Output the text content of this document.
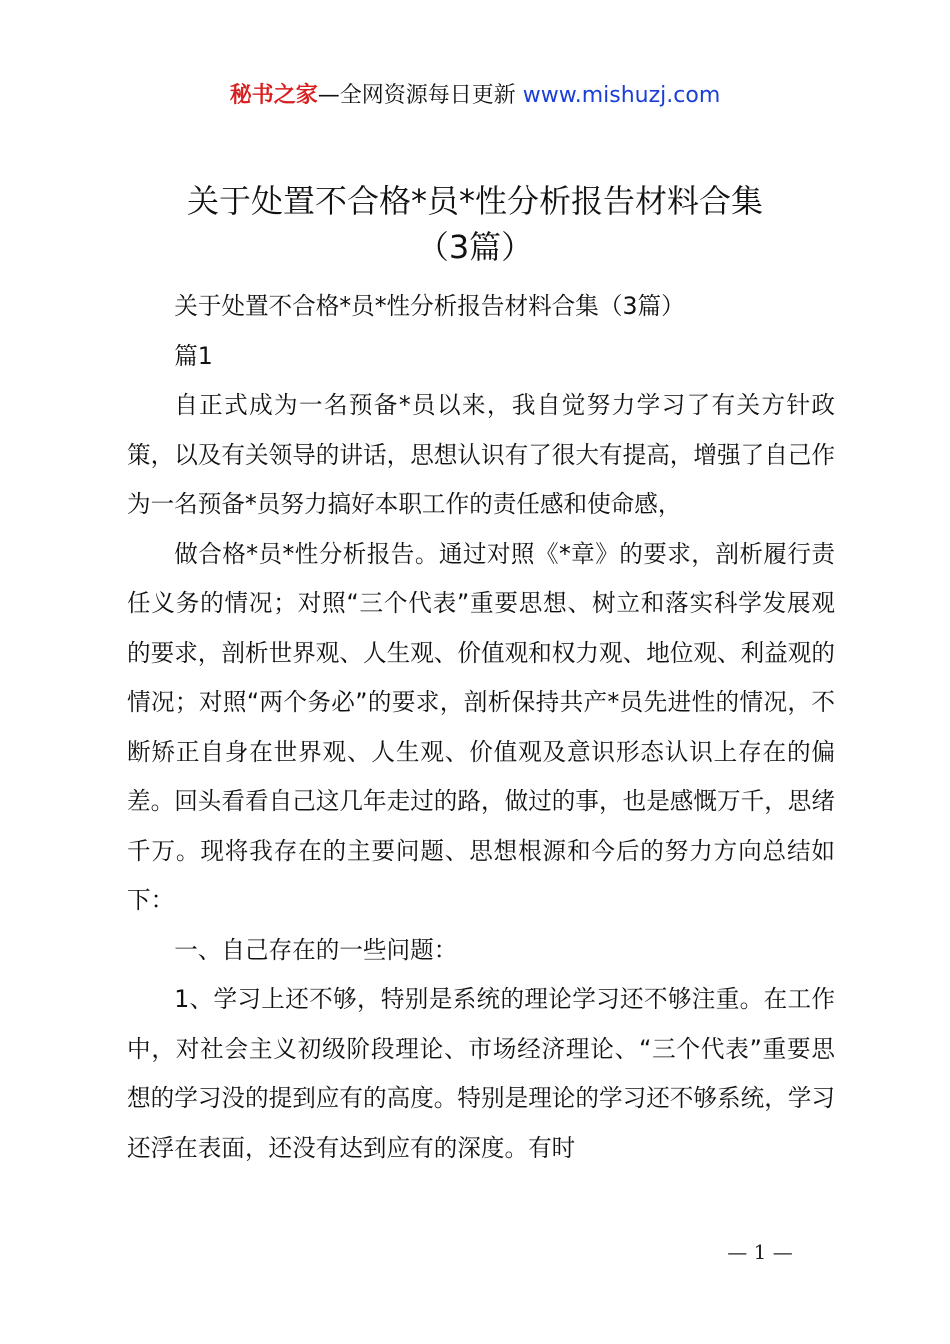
秘书之家—全网资源每日更新 www.mishuzj.com
关于处置不合格*员*性分析报告材料合集
（3篇）

关于处置不合格*员*性分析报告材料合集（3篇）

篇1

自正式成为一名预备*员以来，我自觉努力学习了有关方针政策，以及有关领导的讲话，思想认识有了很大有提高，增强了自己作为一名预备*员努力搞好本职工作的责任感和使命感，

做合格*员*性分析报告。通过对照《*章》的要求，剖析履行责任义务的情况；对照“三个代表”重要思想、树立和落实科学发展观的要求，剖析世界观、人生观、价值观和权力观、地位观、利益观的情况；对照“两个务必”的要求，剖析保持共产*员先进性的情况，不断矫正自身在世界观、人生观、价值观及意识形态认识上存在的偏差。回头看看自己这几年走过的路，做过的事，也是感慨万千，思绪千万。现将我存在的主要问题、思想根源和今后的努力方向总结如下：

一、自己存在的一些问题：

1、学习上还不够，特别是系统的理论学习还不够注重。在工作中，对社会主义初级阶段理论、市场经济理论、“三个代表”重要思想的学习没的提到应有的高度。特别是理论的学习还不够系统，学习还浮在表面，还没有达到应有的深度。有时

— 1 —
